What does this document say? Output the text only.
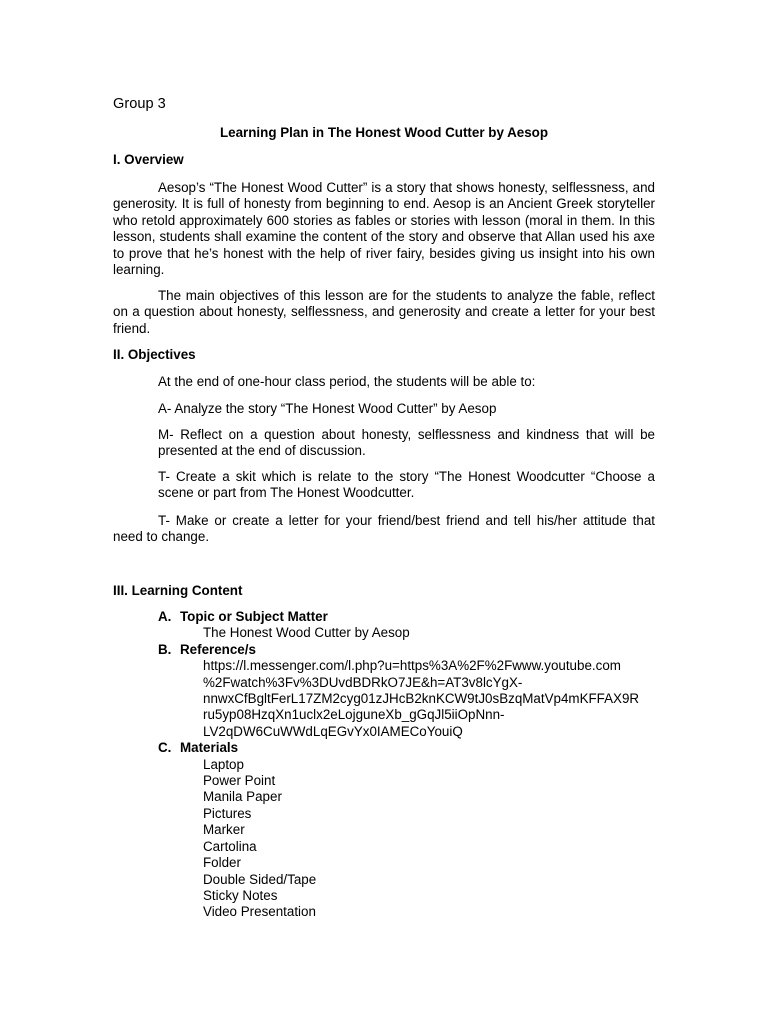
Group 3
Learning Plan in The Honest Wood Cutter by Aesop
I. Overview

Aesop’s “The Honest Wood Cutter” is a story that shows honesty, selflessness, and generosity. It is full of honesty from beginning to end. Aesop is an Ancient Greek storyteller who retold approximately 600 stories as fables or stories with lesson (moral in them. In this lesson, students shall examine the content of the story and observe that Allan used his axe to prove that he’s honest with the help of river fairy, besides giving us insight into his own learning.

The main objectives of this lesson are for the students to analyze the fable, reflect on a question about honesty, selflessness, and generosity and create a letter for your best friend.

II. Objectives

At the end of one-hour class period, the students will be able to:

A- Analyze the story “The Honest Wood Cutter” by Aesop

M- Reflect on a question about honesty, selflessness and kindness that will be presented at the end of discussion.

T- Create a skit which is relate to the story “The Honest Woodcutter “Choose a scene or part from The Honest Woodcutter.

T- Make or create a letter for your friend/best friend and tell his/her attitude that need to change.

III. Learning Content
A. Topic or Subject Matter
The Honest Wood Cutter by Aesop
B. Reference/s
https://l.messenger.com/l.php?u=https%3A%2F%2Fwww.youtube.com
%2Fwatch%3Fv%3DUvdBDRkO7JE&h=AT3v8lcYgX-
nnwxCfBgltFerL17ZM2cyg01zJHcB2knKCW9tJ0sBzqMatVp4mKFFAX9R
ru5yp08HzqXn1uclx2eLojguneXb_gGqJl5iiOpNnn-
LV2qDW6CuWWdLqEGvYx0IAMECoYouiQ
C. Materials
Laptop
Power Point
Manila Paper
Pictures
Marker
Cartolina
Folder
Double Sided/Tape
Sticky Notes
Video Presentation
